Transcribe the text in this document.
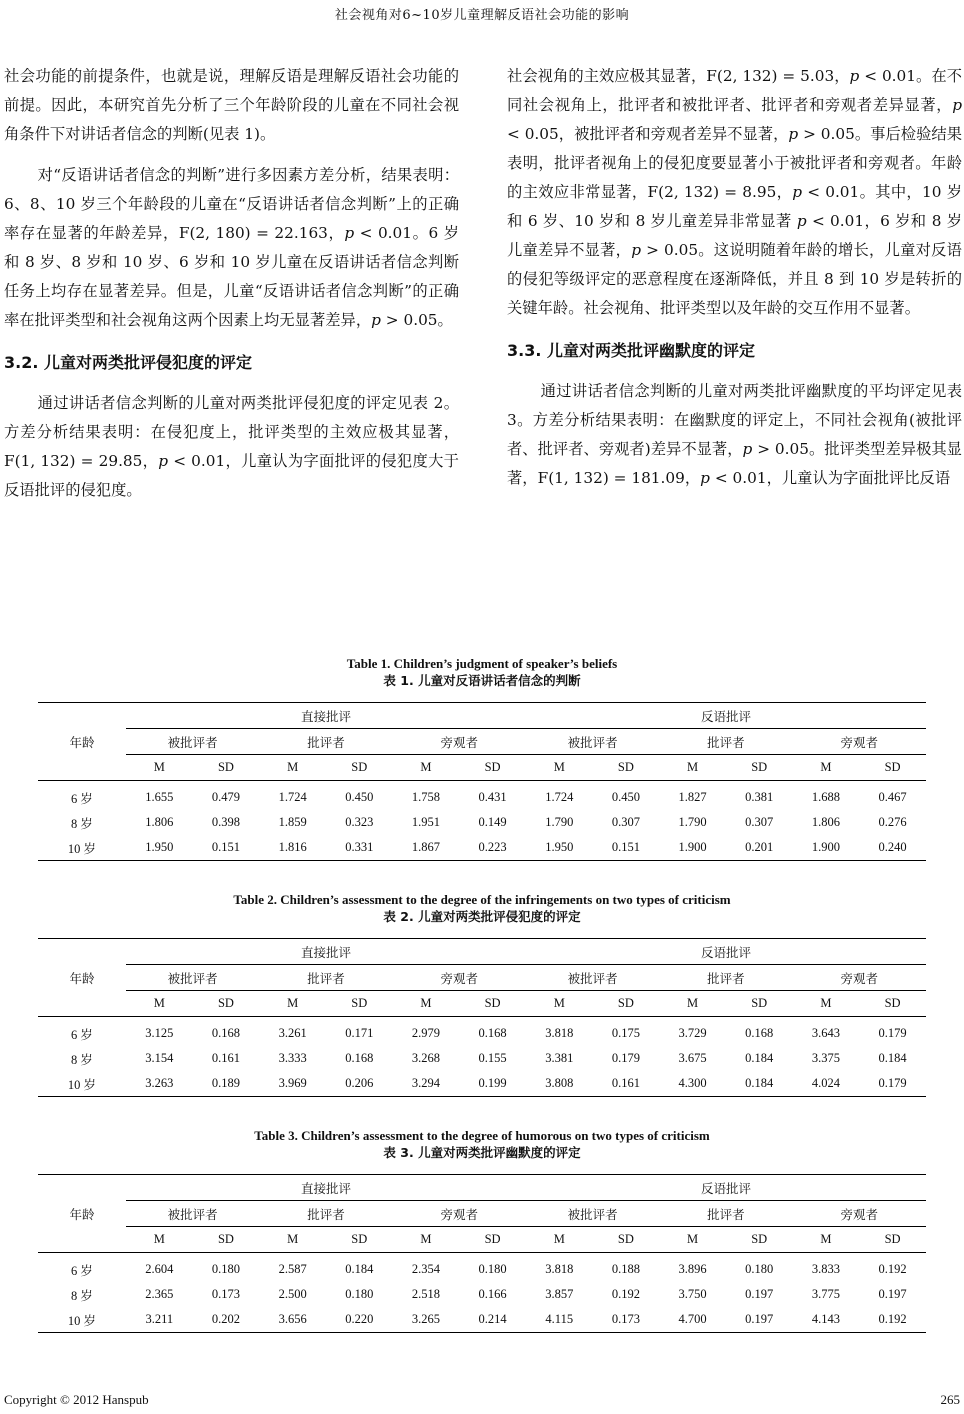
社会视角对6~10岁儿童理解反语社会功能的影响

社会功能的前提条件，也就是说，理解反语是理解反语社会功能的前提。因此，本研究首先分析了三个年龄阶段的儿童在不同社会视角条件下对讲话者信念的判断(见表 1)。

对“反语讲话者信念的判断”进行多因素方差分析，结果表明：6、8、10 岁三个年龄段的儿童在“反语讲话者信念判断”上的正确率存在显著的年龄差异，F(2, 180) = 22.163，p < 0.01。6 岁和 8 岁、8 岁和 10 岁、6 岁和 10 岁儿童在反语讲话者信念判断任务上均存在显著差异。但是，儿童“反语讲话者信念判断”的正确率在批评类型和社会视角这两个因素上均无显著差异，p > 0.05。

3.2. 儿童对两类批评侵犯度的评定

通过讲话者信念判断的儿童对两类批评侵犯度的评定见表 2。方差分析结果表明：在侵犯度上，批评类型的主效应极其显著，F(1, 132) = 29.85，p < 0.01，儿童认为字面批评的侵犯度大于反语批评的侵犯度。

社会视角的主效应极其显著，F(2, 132) = 5.03，p < 0.01。在不同社会视角上，批评者和被批评者、批评者和旁观者差异显著，p < 0.05，被批评者和旁观者差异不显著，p > 0.05。事后检验结果表明，批评者视角上的侵犯度要显著小于被批评者和旁观者。年龄的主效应非常显著，F(2, 132) = 8.95，p < 0.01。其中，10 岁和 6 岁、10 岁和 8 岁儿童差异非常显著 p < 0.01，6 岁和 8 岁儿童差异不显著，p > 0.05。这说明随着年龄的增长，儿童对反语的侵犯等级评定的恶意程度在逐渐降低，并且 8 到 10 岁是转折的关键年龄。社会视角、批评类型以及年龄的交互作用不显著。

3.3. 儿童对两类批评幽默度的评定

通过讲话者信念判断的儿童对两类批评幽默度的平均评定见表 3。方差分析结果表明：在幽默度的评定上，不同社会视角(被批评者、批评者、旁观者)差异不显著，p > 0.05。批评类型差异极其显著，F(1, 132) = 181.09，p < 0.01，儿童认为字面批评比反语

Table 1. Children’s judgment of speaker’s beliefs
表 1. 儿童对反语讲话者信念的判断
年龄	直接批评						反语批评					
	被批评者		批评者		旁观者		被批评者		批评者		旁观者	
	M	SD	M	SD	M	SD	M	SD	M	SD	M	SD
6 岁	1.655	0.479	1.724	0.450	1.758	0.431	1.724	0.450	1.827	0.381	1.688	0.467
8 岁	1.806	0.398	1.859	0.323	1.951	0.149	1.790	0.307	1.790	0.307	1.806	0.276
10 岁	1.950	0.151	1.816	0.331	1.867	0.223	1.950	0.151	1.900	0.201	1.900	0.240
Table 2. Children’s assessment to the degree of the infringements on two types of criticism
表 2. 儿童对两类批评侵犯度的评定
年龄	直接批评						反语批评					
	被批评者		批评者		旁观者		被批评者		批评者		旁观者	
	M	SD	M	SD	M	SD	M	SD	M	SD	M	SD
6 岁	3.125	0.168	3.261	0.171	2.979	0.168	3.818	0.175	3.729	0.168	3.643	0.179
8 岁	3.154	0.161	3.333	0.168	3.268	0.155	3.381	0.179	3.675	0.184	3.375	0.184
10 岁	3.263	0.189	3.969	0.206	3.294	0.199	3.808	0.161	4.300	0.184	4.024	0.179
Table 3. Children’s assessment to the degree of humorous on two types of criticism
表 3. 儿童对两类批评幽默度的评定
年龄	直接批评						反语批评					
	被批评者		批评者		旁观者		被批评者		批评者		旁观者	
	M	SD	M	SD	M	SD	M	SD	M	SD	M	SD
6 岁	2.604	0.180	2.587	0.184	2.354	0.180	3.818	0.188	3.896	0.180	3.833	0.192
8 岁	2.365	0.173	2.500	0.180	2.518	0.166	3.857	0.192	3.750	0.197	3.775	0.197
10 岁	3.211	0.202	3.656	0.220	3.265	0.214	4.115	0.173	4.700	0.197	4.143	0.192
Copyright © 2012 Hanspub	265
